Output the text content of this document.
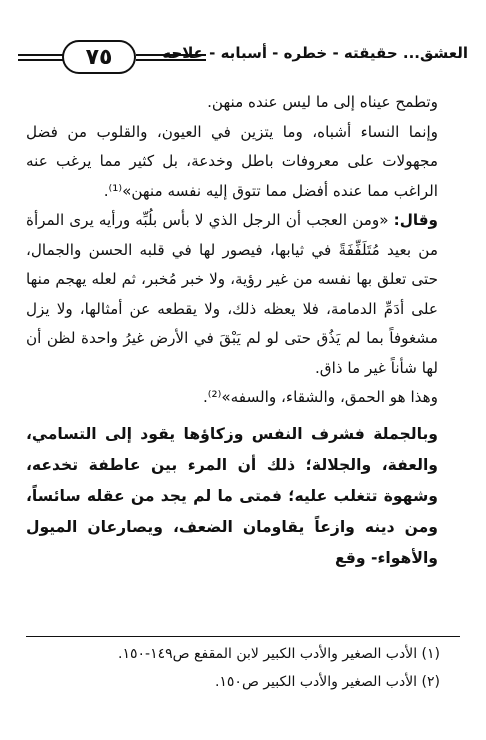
٧٥	العشق... حقيقته - خطره - أسبابه - علاجه

وتطمح عيناه إلى ما ليس عنده منهن.

وإنما النساء أشباه، وما يتزين في العيون، والقلوب من فضل مجهولات على معروفات باطل وخدعة، بل كثير مما يرغب عنه الراغب مما عنده أفضل مما تتوق إليه نفسه منهن»⁽¹⁾.

وقال: «ومن العجب أن الرجل الذي لا بأس بلُبِّه ورأيه يرى المرأة من بعيد مُتَلَفِّفَةً في ثيابها، فيصور لها في قلبه الحسن والجمال، حتى تعلق بها نفسه من غير رؤية، ولا خبر مُخبر، ثم لعله يهجم منها على أدَمِّ الدمامة، فلا يعظه ذلك، ولا يقطعه عن أمثالها، ولا يزل مشغوفاً بما لم يَذُق حتى لو لم يَبْقَ في الأرض غيرُ واحدة لظن أن لها شأناً غير ما ذاق.

وهذا هو الحمق، والشقاء، والسفه»⁽²⁾.

وبالجملة فشرف النفس وزكاؤها يقود إلى التسامي، والعفة، والجلالة؛ ذلك أن المرء بين عاطفة تخدعه، وشهوة تتغلب عليه؛ فمتى ما لم يجد من عقله سائساً، ومن دينه وازعاً يقاومان الضعف، ويصارعان الميول والأهواء- وقع

(١) الأدب الصغير والأدب الكبير لابن المقفع ص١٤٩-١٥٠.

(٢) الأدب الصغير والأدب الكبير ص١٥٠.
